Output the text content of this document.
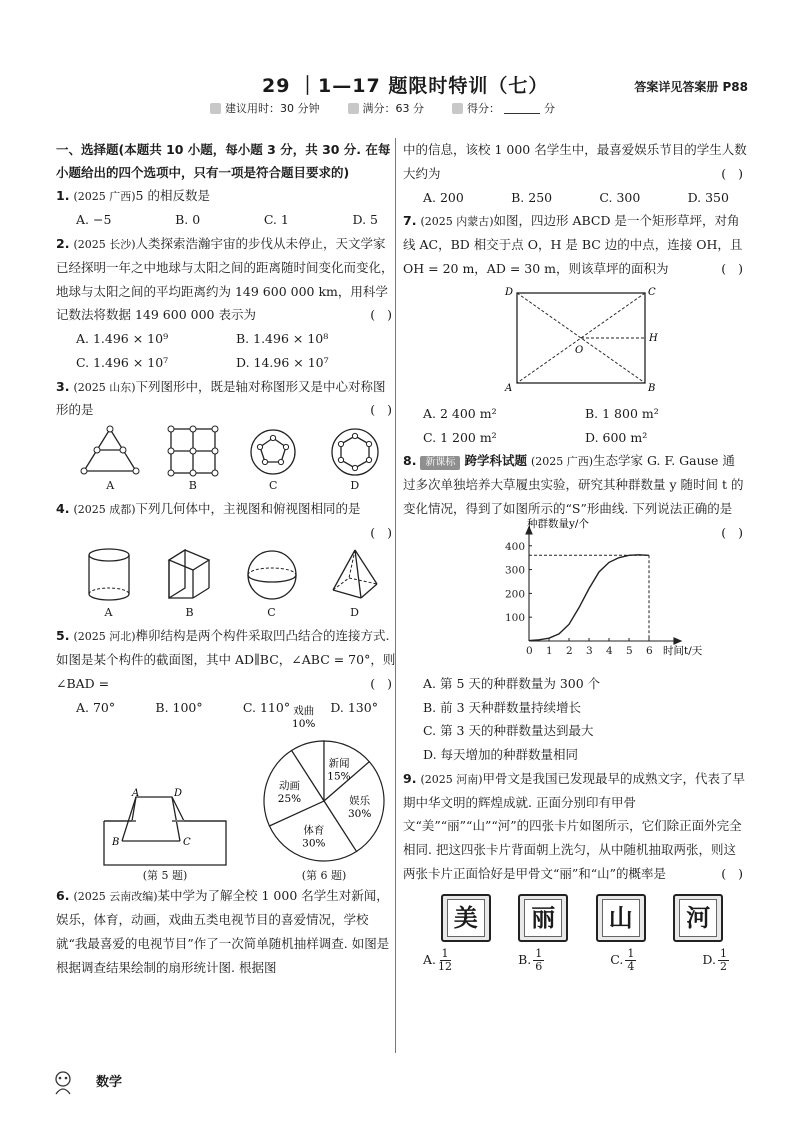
29 ｜1—17 题限时特训（七）	答案详见答案册 P88
建议用时：30 分钟	满分：63 分	得分：	分
一、选择题(本题共 10 小题，每小题 3 分，共 30 分. 在每小题给出的四个选项中，只有一项是符合题目要求的)
1. (2025 广西)5 的相反数是
A. −5	B. 0	C. 1	D. 5
2. (2025 长沙)人类探索浩瀚宇宙的步伐从未停止，天文学家已经探明一年之中地球与太阳之间的距离随时间变化而变化，地球与太阳之间的平均距离约为 149 600 000 km，用科学记数法将数据 149 600 000 表示为	( )
A. 1.496 × 10⁹	B. 1.496 × 10⁸
C. 1.496 × 10⁷	D. 14.96 × 10⁷
3. (2025 山东)下列图形中，既是轴对称图形又是中心对称图形的是	( )
A	B	C	D
4. (2025 成都)下列几何体中，主视图和俯视图相同的是
( )
A	B	C	D
5. (2025 河北)榫卯结构是两个构件采取凹凸结合的连接方式. 如图是某个构件的截面图，其中 AD∥BC，∠ABC = 70°，则∠BAD =	( )
A. 70°	B. 100°	C. 110°	D. 130°
A	D
B	C
(第 5 题)
戏曲
10%
新闻
15%
娱乐
30%
体育
30%
动画
25%
(第 6 题)
6. (2025 云南改编)某中学为了解全校 1 000 名学生对新闻，娱乐，体育，动画，戏曲五类电视节目的喜爱情况，学校就“我最喜爱的电视节目”作了一次简单随机抽样调查. 如图是根据调查结果绘制的扇形统计图. 根据图
中的信息，该校 1 000 名学生中，最喜爱娱乐节目的学生人数大约为	( )
A. 200	B. 250	C. 300	D. 350
7. (2025 内蒙古)如图，四边形 ABCD 是一个矩形草坪，对角线 AC，BD 相交于点 O，H 是 BC 边的中点，连接 OH，且 OH = 20 m，AD = 30 m，则该草坪的面积为	( )
D	C
A	B
H
O
A. 2 400 m²	B. 1 800 m²
C. 1 200 m²	D. 600 m²
8. 新课标 跨学科试题 (2025 广西)生态学家 G. F. Gause 通过多次单独培养大草履虫实验，研究其种群数量 y 随时间 t 的变化情况，得到了如图所示的“S”形曲线. 下列说法正确的是
( )
0 1 2 3 4 5 6
100
200
300
400
种群数量y/个
时间t/天
A. 第 5 天的种群数量为 300 个
B. 前 3 天种群数量持续增长
C. 第 3 天的种群数量达到最大
D. 每天增加的种群数量相同
9. (2025 河南)甲骨文是我国已发现最早的成熟文字，代表了早期中华文明的辉煌成就. 正面分别印有甲骨文“美”“丽”“山”“河”的四张卡片如图所示，它们除正面外完全相同. 把这四张卡片背面朝上洗匀，从中随机抽取两张，则这两张卡片正面恰好是甲骨文“丽”和“山”的概率是	( )
美 丽 山 河
A. $\frac{1}{12}$	B. $\frac{1}{6}$	C. $\frac{1}{4}$	D. $\frac{1}{2}$
数学
